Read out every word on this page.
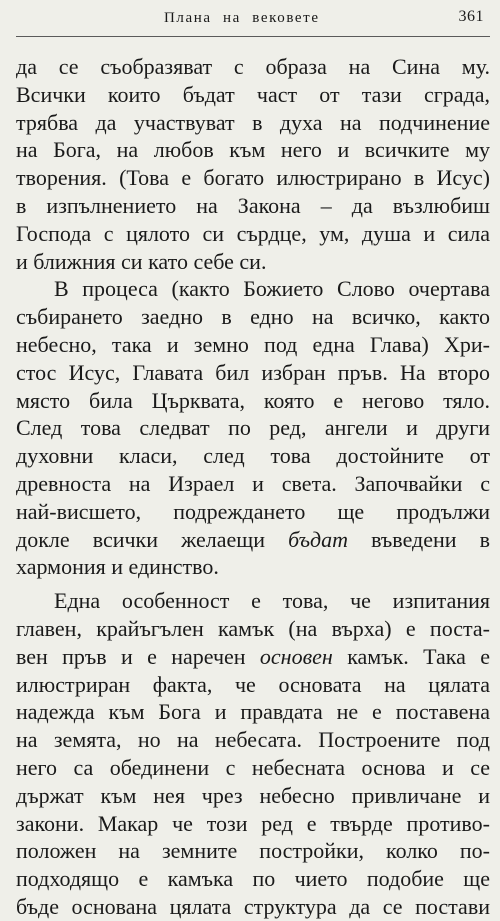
Плана на вековете	361
да се съобразяват с образа на Сина му.
Всички които бъдат част от тази сграда,
трябва да участвуват в духа на подчинение
на Бога, на любов към него и всичките му
творения. (Това е богато илюстрирано в Исус)
в изпълнението на Закона – да възлюбиш
Господа с цялото си сърдце, ум, душа и сила
и ближния си като себе си.
В процеса (както Божието Слово очертава
събирането заедно в едно на всичко, както
небесно, така и земно под една Глава) Хри-
стос Исус, Главата бил избран пръв. На второ
място била Църквата, която е негово тяло.
След това следват по ред, ангели и други
духовни класи, след това достойните от
древноста на Израел и света. Започвайки с
най-висшето, подреждането ще продължи
докле всички желаещи бъдат въведени в
хармония и единство.
Една особенност е това, че изпитания
главен, крайъгълен камък (на върха) е поста-
вен пръв и е наречен основен камък. Така е
илюстриран факта, че основата на цялата
надежда към Бога и правдата не е поставена
на земята, но на небесата. Построените под
него са обединени с небесната основа и се
държат към нея чрез небесно привличане и
закони. Макар че този ред е твърде противо-
положен на земните постройки, колко по-
подходящо е камъка по чието подобие ще
бъде основана цялата структура да се постави
